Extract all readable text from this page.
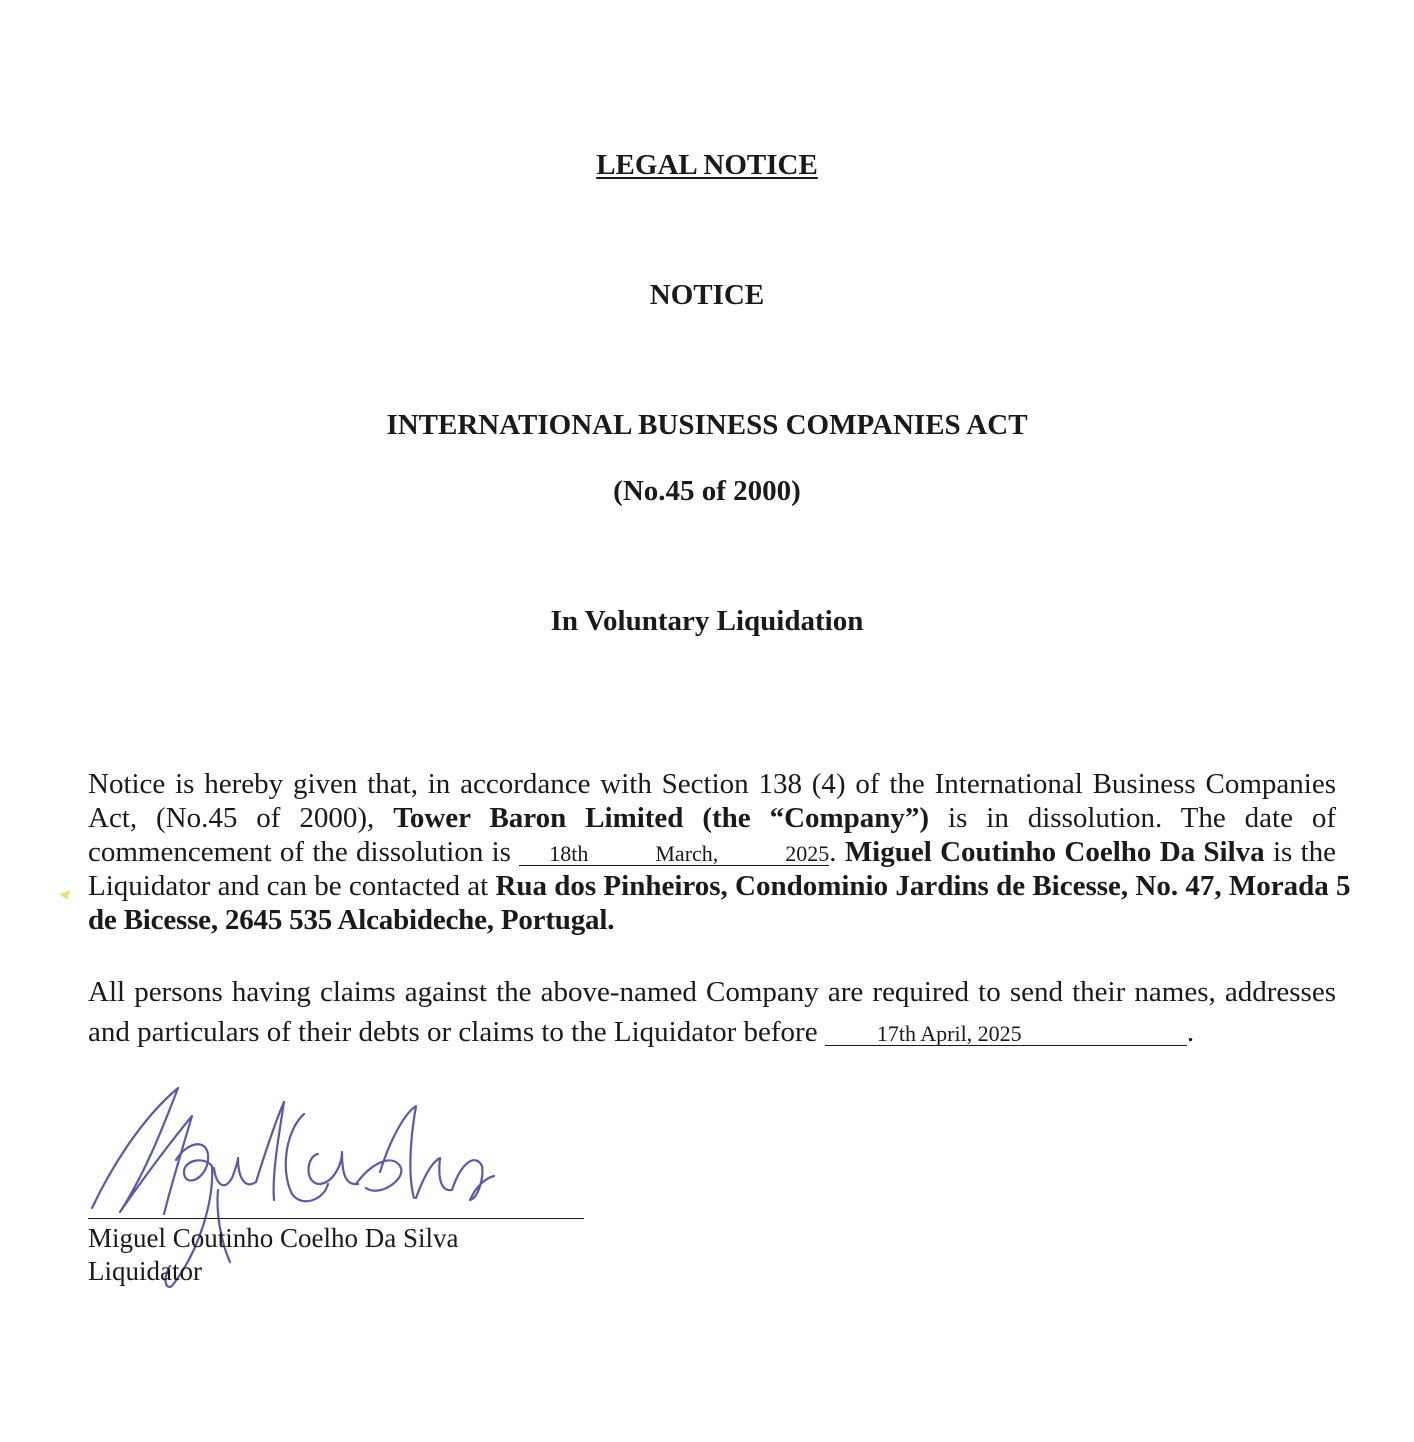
LEGAL NOTICE
NOTICE
INTERNATIONAL BUSINESS COMPANIES ACT
(No.45 of 2000)
In Voluntary Liquidation
Notice is hereby given that, in accordance with Section 138 (4) of the International Business Companies
Act, (No.45 of 2000), Tower Baron Limited (the “Company”) is in dissolution. The date of
commencement of the dissolution is 18th March, 2025. Miguel Coutinho Coelho Da Silva is the
Liquidator and can be contacted at Rua dos Pinheiros, Condominio Jardins de Bicesse, No. 47, Morada 5
de Bicesse, 2645 535 Alcabideche, Portugal.
All persons having claims against the above-named Company are required to send their names, addresses
and particulars of their debts or claims to the Liquidator before	17th April, 2025	.

Miguel Coutinho Coelho Da Silva

Liquidator
